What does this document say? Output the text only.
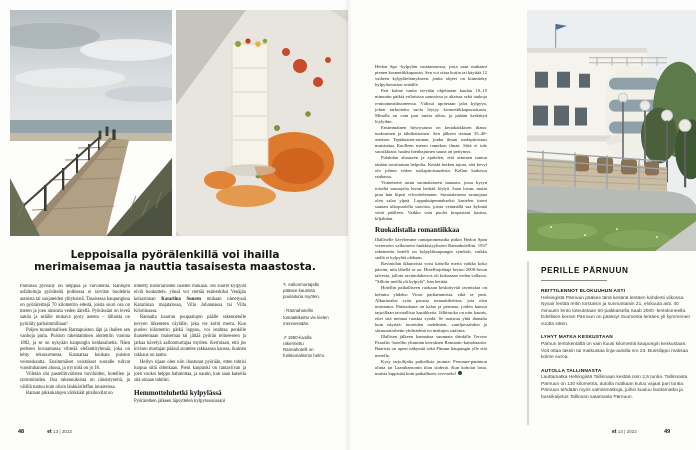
Leppoisalla pyörälenkillä voi ihailla
merimaisemaa ja nauttia tasaisesta maastosta.

Pärnussa pyöräily on helppoa ja vaivatonta. Rantojen asfaltoituja pyöräteitä polkiessa ei tarvitse huolehtia autoista tai suojateiden ylityksistä. Tasaisessa kaupungissa on pyöräreittejä 70 kilometrin edestä, joista suuri osa on meren ja joen ansiosta veden äärellä. Pyörässäni on leveä satula ja selälle mukava pysty asento – tällaista on pyöräily parhaimmillaan!

Poljen tunnelmallisen Rantapuiston läpi ja ihailen sen vanhoja puita. Puiston rakentaminen aloitettiin vuonna 1882, ja se on nykyään kaupungin keidasaluetta. Näen perheen kuvaamassa vihreää elefanttiryhmää, joka on tehty tekonurmesta. Kannattaa koukata puiston veistoskautta. Ensimmäiset veistokset suoralle tulivat vuosituhannen alussa, ja nyt niitä on jo 18.

Viiletän ohi pastellinväristen huviloiden, hotellien ja ravintoloiden. Osa rakennuksista on ränsistyneitä, ja välillä tuntuu kuin olisin länkkärileffan lavasteissa.

Rannan pikkukatujen värikkäät pitsihuvilat on

nimetty historiallisten naisten mukaan. Jos suuret kylpylät eivät houkuttele, yönsä voi viettää esimerkiksi Venäjän keisarinnan Katariina Suuren mukaan nimetyssä Katariinan majatalossa, Villa Johannassa tai Villa Kristiinassa.

Rannalta kaarran puupaalujen päälle rakennetulle kevyen liikenteen väylälle, joka vie kohti merta. Kun puolen kilometrin pätkä loppuu, voi istahtaa penkille ihastelemaan maisemaa tai jättää pyörän telineeseen ja jatkaa kävelyä aallonmurtajaa myöten. Kerrotaan, että jos kivisen murtajan päässä suutelee rakkaansa kanssa, ikuinen rakkaus on taattu.

Hellyn sijaan olen niin ihastunut pyörään, etten tohtisi luopua siitä ollenkaan. Pieni kaupunki on rantaviivan ja joen vuoksi helppo hahmottaa, ja nautin, kun saan katsella sitä omaan tahtiini.

Hemmotteluhetki kylpylässä

Pyöräretken jälkeen läpsyttelen kylpytossuissani

↖Aallonmurtajalle pääsee kaunista puulaituria myöten.
↑Rannahotellin tomaattikeitto vie kielen mennessään.
↗1950-luvulla rakennettu Rannahotelli on funktionalismin helmi.
48	et 13 | 2022

Hedon Spa -kylpylän vastaanotossa, josta saan mukaani pienen kosmetiikkapussin. Sen voi ottaa kotiin tai käyttää 12 vaiheen kylpyläelämykseen, jonka ohjeet on kiinnitetty kylpyläosaston seinälle.

Pari kolme tuntia vievään ohjelmaan kuuluu 10–15 minuutin pätkiä erilaisissa saunoissa ja altaissa sekä taukoja rentoutumishuoneessa. Välissä upotetaan jalat kylpyyn, johon tarkoitettu suola löytyy kosmetiikkapussukasta. Minulla on vain pari tuntia aikaa, ja päätän keskittyä löylyihin.

Ensimmäinen höyrysauna on kertakaikkisen ihana: tuoksuinen ja tähtikattoinen. Sen jälkeen testaan 35–40-asteisen Tepidarium-saunan, jonka ilman suolapitoisuus muistuttaa Kuolleen meren rannikon ilmaa. Siitä ei tule suosikkiani: haalea hienhajuinen sauna on pettymys.

Pulahdan altaaseen ja ajattelen, että uiminen tuntuu tänään tavattoman helpolta. Kestää hetken tajuta, että kevyt olo johtuu veden suolapitoisuudesta. Kellun kaikessa rauhassa.

Viimeisenä astun suomalaiseen saunaan, jossa kysyn toiselta saunojalta luvan heittää löylyä. Saan luvan, mutta pian hän hipsii vilvoittelemaan. Suomalaisena saunojana olen salaa ylpeä. Loppuhuipennukseksi kastelen itseni saunan ulkopuolella saavista, joista vetämällä saa kylmää vettä päälleen. Vaikka vain puolet kropastani kastuu, kiljahdan.

Ruokalistalla romantiikkaa

Illalliselle kävelemme rantapromenadia pitkin Hedon Span viereiseen valkoiseen funkkistyyliseen Rannahotelliin. 1937 rakennettu hotelli on kylpyläkaupungin symboli, vaikka siellä ei kylpylää olekaan.

Ravintolan ikkunoista voisi katsella merta vaikka koko päivän, niin lähellä se on. Hotellinjohtaja kertoo 2000-luvun talvesta, jolloin ravintolakerros oli kokonaan veden vallassa. ”Silloin meillä oli kylpylä”, hän heittää.

Hotellin paikalliseen ruokaan keskittyvää ravintolaa on kehuttu yhdeksi Viron parhaimmista, eikä se petä. Alkuruoaksi syön parasta tomaattikeittoa, jota olen maistanut. Pääruokana on kalaa ja perunaa, joiden kanssa tarjoillaan taivaallisia kastikkeita. Jälkiruoka on niin kaunis, ettei sitä meinaa raaskia syödä. Se maistuu yhtä ihanalta kuin näyttää: tuoreiden vadelmien, vaniljavaahdon ja sitruunasorbetin yhdistelmä on makujen sinfonia.

Illallisen jälkeen kannattaa suunnata drinkille Tervise Paradiis -hotellin ylimmän kerroksen Romantic-kattobaariin. Baarista on upeat näkymät sekä Pärnun kaupungin ylle että merelle.

Kysy tarjoilijalta paikallisia juomia: Pernauer-panimon olutta tai Laanihansonin tilan siideriä. Kun kohotat lasia, muista kippistää kuin paikallinen: terviseks!

PERILLE PÄRNUUN
REITTILENNOT ELOKUUHUN ASTI
Helsingistä Pärnuun pääsee tänä kesänä lentäen kahdesti viikossa. Nyxair lentää reitin torstaisin ja sunnuntaisin 21. elokuuta asti. 40 minuutin lento toteutetaan 50-paikkaisella Saab 2000 -lentokoneella. Edellisen kerran Pärnuun on päässyt Suomesta lentäen yli kymmenen vuotta sitten.
LYHYT MATKA KESKUSTAAN
Pärnun lentokentältä on vain kuusi kilometriä kaupungin keskustaan. Voit ottaa taksin tai matkustaa linja-autolla nro 23. Bussilippu maksaa kolme euroa.
AUTOLLA TALLINNASTA
Lauttamatka Helsingistä Tallinnaan kestää noin 2,5 tuntia. Tallinnasta Pärnuun on 130 kilometriä, autolla matkaan kuluu vajaat pari tuntia. Pärnuun tehdään myös valmismatkoja, joihin kuuluu lauttamatka ja bussikuljetus Tallinnan satamasta Pärnuun.
et 13 | 2022	49
